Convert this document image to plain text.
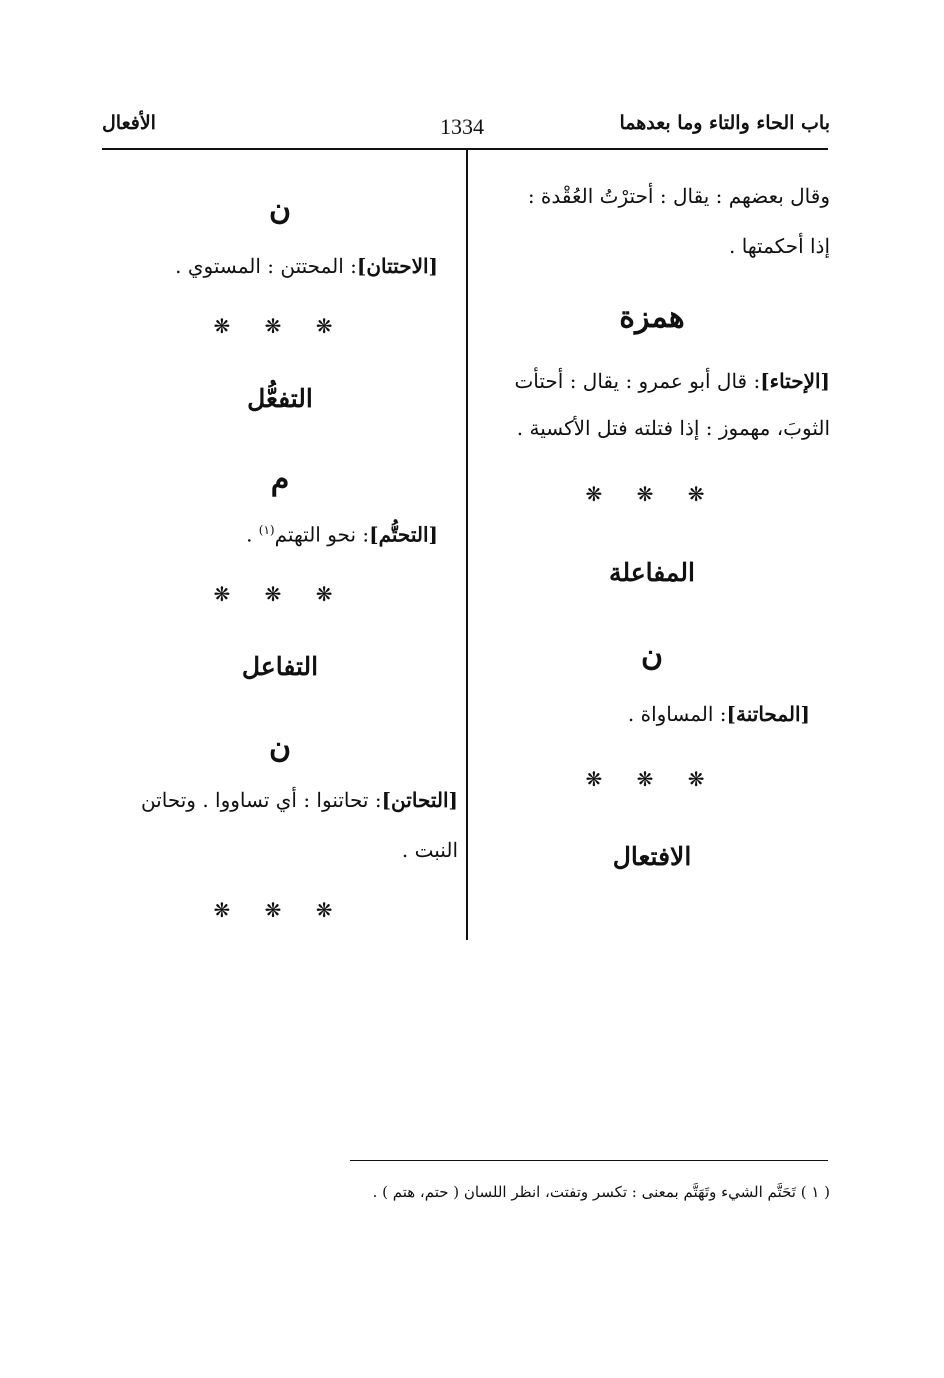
باب الحاء والتاء وما بعدهما
1334
الأفعال
وقال بعضهم : يقال : أحترْتُ العُقْدة :
إذا أحكمتها .
همزة
[الإحتاء]: قال أبو عمرو : يقال : أحتأت
الثوبَ، مهموز : إذا فتلته فتل الأكسية .
❋ ❋ ❋
المفاعلة
ن
[المحاتنة]: المساواة .
❋ ❋ ❋
الافتعال
ن
[الاحتتان]: المحتتن : المستوي .
❋ ❋ ❋
التفعُّل
م
[التحتُّم]: نحو التهتم$^{(١)}$ .
❋ ❋ ❋
التفاعل
ن
[التحاتن]: تحاتنوا : أي تساووا . وتحاتن
النبت .
❋ ❋ ❋
( ١ ) تَحَتَّم الشيء وتَهَتَّم بمعنى : تكسر وتفتت، انظر اللسان ( حتم، هتم ) .
